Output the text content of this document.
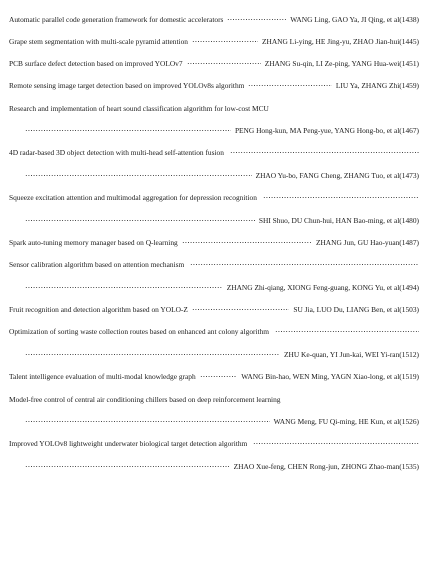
Automatic parallel code generation framework for domestic accelerators	WANG Ling, GAO Ya, JI Qing, et al(1438)
Grape stem segmentation with multi-scale pyramid attention	ZHANG Li-ying, HE Jing-yu, ZHAO Jian-hui(1445)
PCB surface defect detection based on improved YOLOv7	ZHANG Su-qin, LI Ze-ping, YANG Hua-wei(1451)
Remote sensing image target detection based on improved YOLOv8s algorithm	LIU Ya, ZHANG Zhi(1459)
Research and implementation of heart sound classification algorithm for low-cost MCU
PENG Hong-kun, MA Peng-yue, YANG Hong-bo, et al(1467)
4D radar-based 3D object detection with multi-head self-attention fusion
ZHAO Yu-bo, FANG Cheng, ZHANG Tuo, et al(1473)
Squeeze excitation attention and multimodal aggregation for depression recognition
SHI Shuo, DU Chun-hui, HAN Bao-ming, et al(1480)
Spark auto-tuning memory manager based on Q-learning	ZHANG Jun, GU Hao-yuan(1487)
Sensor calibration algorithm based on attention mechanism
ZHANG Zhi-qiang, XIONG Feng-guang, KONG Yu, et al(1494)
Fruit recognition and detection algorithm based on YOLO-Z	SU Jia, LUO Du, LIANG Ben, et al(1503)
Optimization of sorting waste collection routes based on enhanced ant colony algorithm
ZHU Ke-quan, YI Jun-kai, WEI Yi-ran(1512)
Talent intelligence evaluation of multi-modal knowledge graph	WANG Bin-hao, WEN Ming, YAGN Xiao-long, et al(1519)
Model-free control of central air conditioning chillers based on deep reinforcement learning
WANG Meng, FU Qi-ming, HE Kun, et al(1526)
Improved YOLOv8 lightweight underwater biological target detection algorithm
ZHAO Xue-feng, CHEN Rong-jun, ZHONG Zhao-man(1535)
